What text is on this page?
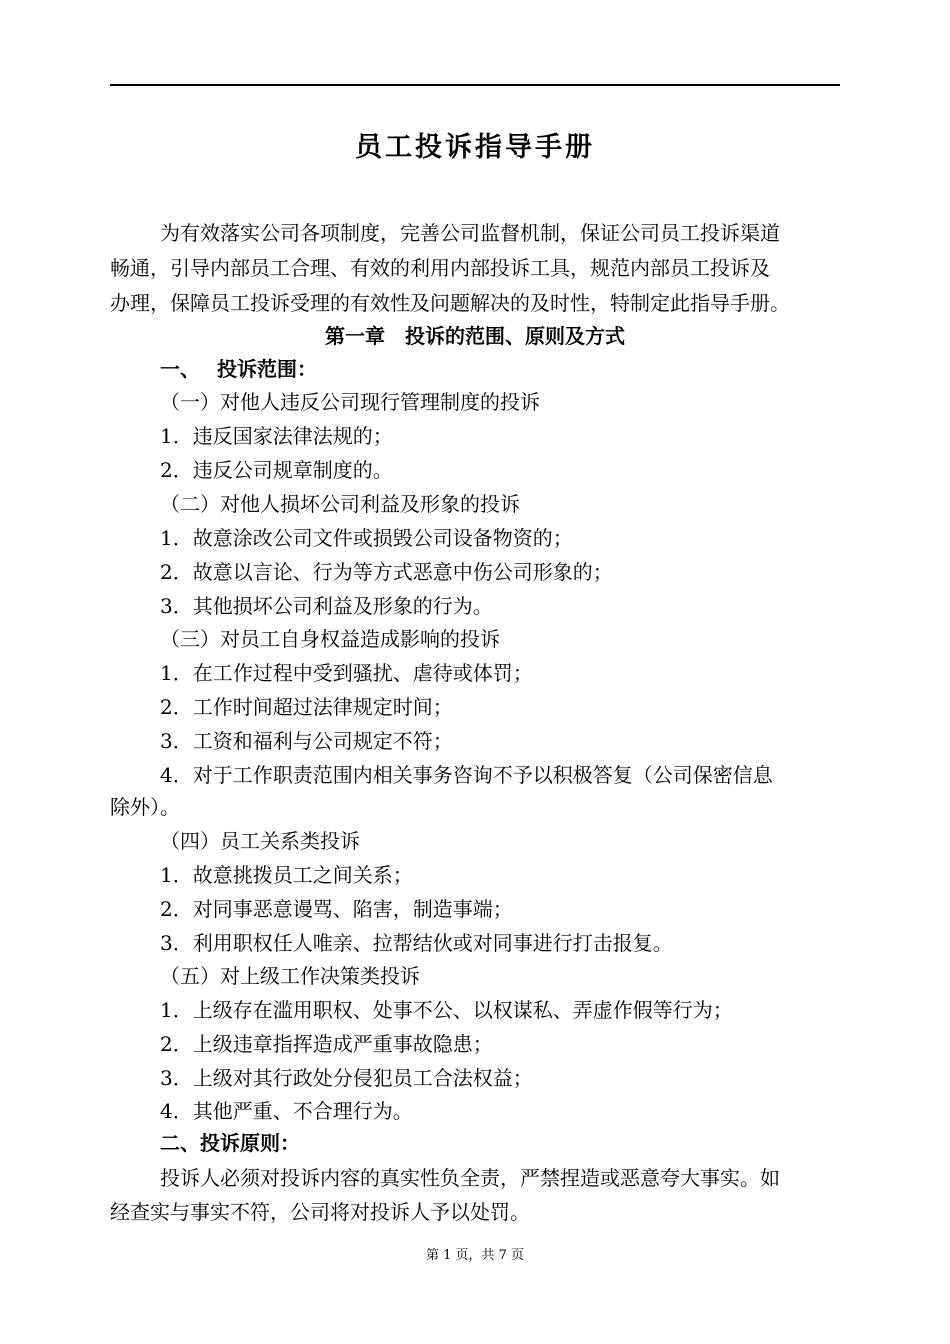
员工投诉指导手册
为有效落实公司各项制度，完善公司监督机制，保证公司员工投诉渠道
畅通，引导内部员工合理、有效的利用内部投诉工具，规范内部员工投诉及
办理，保障员工投诉受理的有效性及问题解决的及时性，特制定此指导手册。
第一章　投诉的范围、原则及方式
一、　 投诉范围：
（一）对他人违反公司现行管理制度的投诉
1．违反国家法律法规的；
2．违反公司规章制度的。
（二）对他人损坏公司利益及形象的投诉
1．故意涂改公司文件或损毁公司设备物资的；
2．故意以言论、行为等方式恶意中伤公司形象的；
3．其他损坏公司利益及形象的行为。
（三）对员工自身权益造成影响的投诉
1．在工作过程中受到骚扰、虐待或体罚；
2．工作时间超过法律规定时间；
3．工资和福利与公司规定不符；
4．对于工作职责范围内相关事务咨询不予以积极答复（公司保密信息
除外）。
（四）员工关系类投诉
1．故意挑拨员工之间关系；
2．对同事恶意谩骂、陷害，制造事端；
3．利用职权任人唯亲、拉帮结伙或对同事进行打击报复。
（五）对上级工作决策类投诉
1．上级存在滥用职权、处事不公、以权谋私、弄虚作假等行为；
2．上级违章指挥造成严重事故隐患；
3．上级对其行政处分侵犯员工合法权益；
4．其他严重、不合理行为。
二、投诉原则：
投诉人必须对投诉内容的真实性负全责，严禁捏造或恶意夸大事实。如
经查实与事实不符，公司将对投诉人予以处罚。
第 1 页，共 7 页
